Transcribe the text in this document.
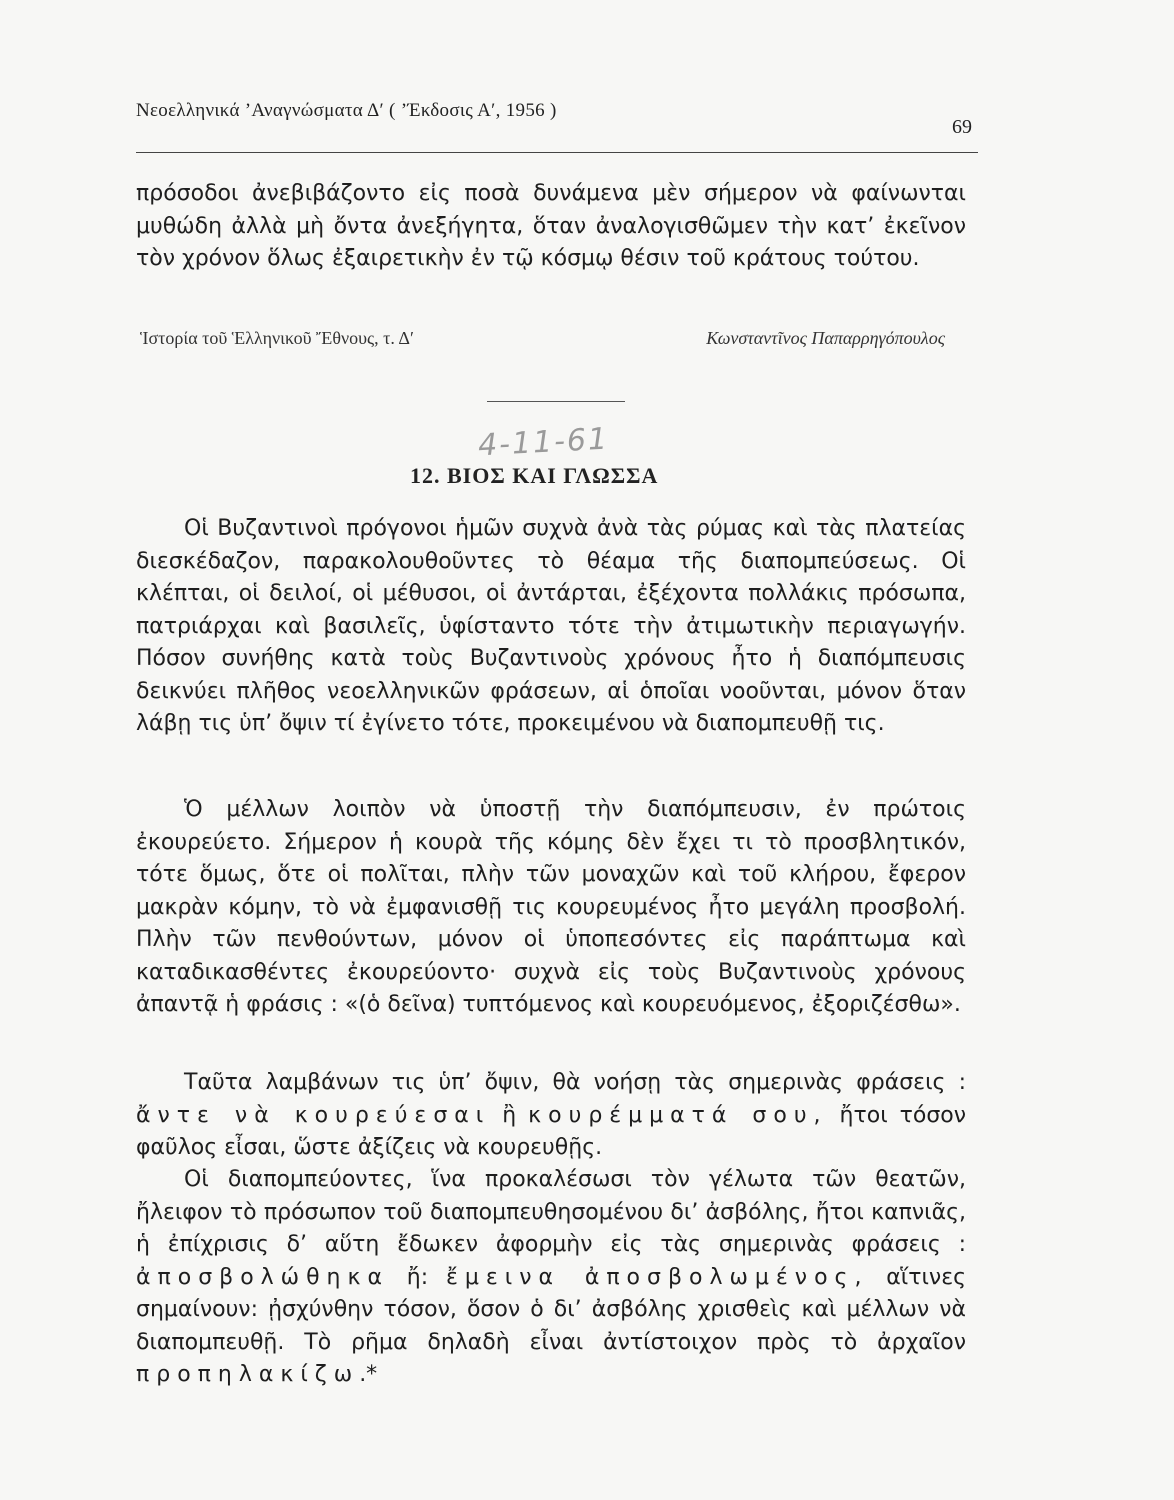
Νεοελληνικά ’Αναγνώσματα Δ′ ( ’Έκδοσις Α′, 1956 )
69

πρόσοδοι ἀνεβιβάζοντο εἰς ποσὰ δυνάμενα μὲν σήμερον νὰ φαίνωνται μυθώδη ἀλλὰ μὴ ὄντα ἀνεξήγητα, ὅταν ἀναλογισθῶμεν τὴν κατ’ ἐκεῖνον τὸν χρόνον ὅλως ἐξαιρετικὴν ἐν τῷ κόσμῳ θέσιν τοῦ κράτους τούτου.

Ἱστορία τοῦ Ἑλληνικοῦ Ἔθνους, τ. Δ′	Κωνσταντῖνος Παπαρρηγόπουλος
4-11-61
12. ΒΙΟΣ ΚΑΙ ΓΛΩΣΣΑ

Οἱ Βυζαντινοὶ πρόγονοι ἡμῶν συχνὰ ἀνὰ τὰς ρύμας καὶ τὰς πλατείας διεσκέδαζον, παρακολουθοῦντες τὸ θέαμα τῆς διαπομπεύσεως. Οἱ κλέπται, οἱ δειλοί, οἱ μέθυσοι, οἱ ἀντάρται, ἐξέχοντα πολλάκις πρόσωπα, πατριάρχαι καὶ βασιλεῖς, ὑφίσταντο τότε τὴν ἀτιμωτικὴν περιαγωγήν. Πόσον συνήθης κατὰ τοὺς Βυζαντινοὺς χρόνους ἦτο ἡ διαπόμπευσις δεικνύει πλῆθος νεοελληνικῶν φράσεων, αἱ ὁποῖαι νοοῦνται, μόνον ὅταν λάβῃ τις ὑπ’ ὄψιν τί ἐγίνετο τότε, προκειμένου νὰ διαπομπευθῇ τις.

Ὁ μέλλων λοιπὸν νὰ ὑποστῇ τὴν διαπόμπευσιν, ἐν πρώτοις ἐκουρεύετο. Σήμερον ἡ κουρὰ τῆς κόμης δὲν ἔχει τι τὸ προσβλητικόν, τότε ὅμως, ὅτε οἱ πολῖται, πλὴν τῶν μοναχῶν καὶ τοῦ κλήρου, ἔφερον μακρὰν κόμην, τὸ νὰ ἐμφανισθῇ τις κουρευμένος ἦτο μεγάλη προσβολή. Πλὴν τῶν πενθούντων, μόνον οἱ ὑποπεσόντες εἰς παράπτωμα καὶ καταδικασθέντες ἐκουρεύοντο· συχνὰ εἰς τοὺς Βυζαντινοὺς χρόνους ἀπαντᾷ ἡ φράσις : «(ὁ δεῖνα) τυπτόμενος καὶ κουρευόμενος, ἐξοριζέσθω».

Ταῦτα λαμβάνων τις ὑπ’ ὄψιν, θὰ νοήσῃ τὰς σημερινὰς φράσεις : ἄντε νὰ κουρεύεσαι ἢ κουρέμματά σου, ἤτοι τόσον φαῦλος εἶσαι, ὥστε ἀξίζεις νὰ κουρευθῇς.

Οἱ διαπομπεύοντες, ἵνα προκαλέσωσι τὸν γέλωτα τῶν θεατῶν, ἤλειφον τὸ πρόσωπον τοῦ διαπομπευθησομένου δι’ ἀσβόλης, ἤτοι καπνιᾶς, ἡ ἐπίχρισις δ’ αὕτη ἔδωκεν ἀφορμὴν εἰς τὰς σημερινὰς φράσεις : ἀποσβολώθηκα ἤ: ἔμεινα ἀποσβολωμένος, αἵτινες σημαίνουν: ᾐσχύνθην τόσον, ὅσον ὁ δι’ ἀσβόλης χρισθεὶς καὶ μέλλων νὰ διαπομπευθῇ. Τὸ ρῆμα δηλαδὴ εἶναι ἀντίστοιχον πρὸς τὸ ἀρχαῖον προπηλακίζω.*
